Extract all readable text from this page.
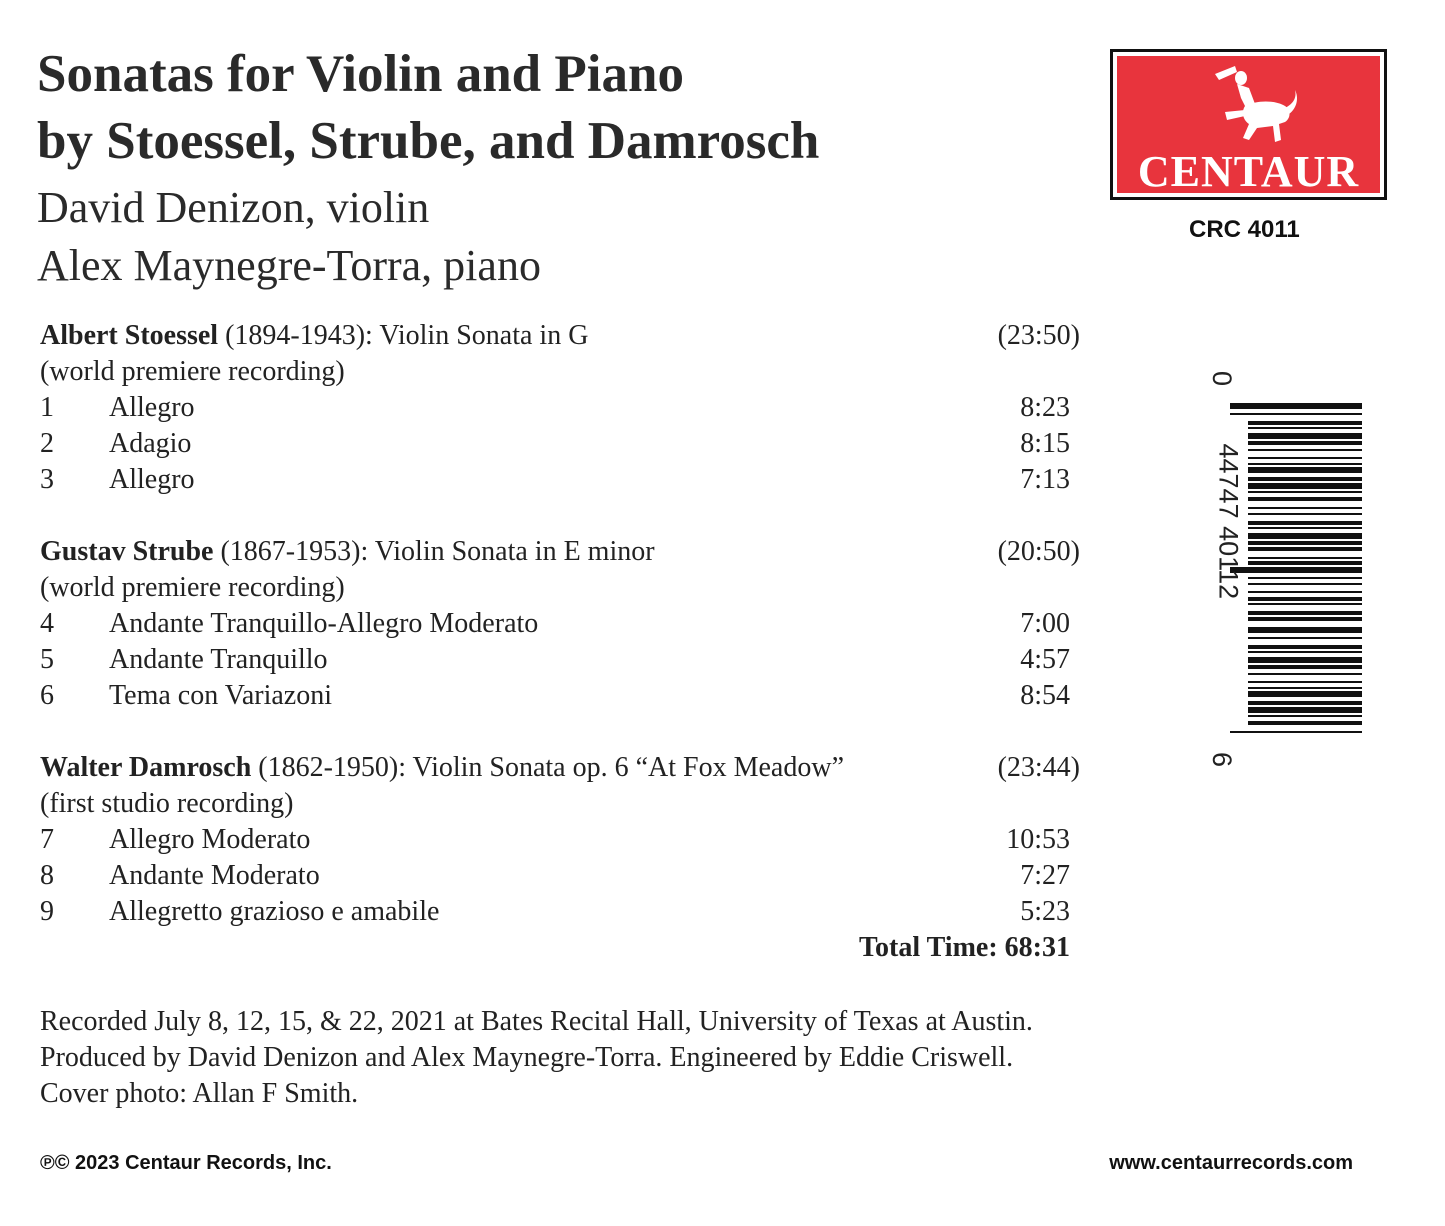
Sonatas for Violin and Piano
by Stoessel, Strube, and Damrosch
David Denizon, violin
Alex Maynegre-Torra, piano
CENTAUR
CRC 4011
0
44747 40112
6
Albert Stoessel (1894-1943): Violin Sonata in G	(23:50)
(world premiere recording)
1 Allegro	8:23
2 Adagio	8:15
3 Allegro	7:13
Gustav Strube (1867-1953): Violin Sonata in E minor	(20:50)
(world premiere recording)
4 Andante Tranquillo-Allegro Moderato	7:00
5 Andante Tranquillo	4:57
6 Tema con Variazoni	8:54
Walter Damrosch (1862-1950): Violin Sonata op. 6 “At Fox Meadow”	(23:44)
(first studio recording)
7 Allegro Moderato	10:53
8 Andante Moderato	7:27
9 Allegretto grazioso e amabile	5:23
Total Time: 68:31
Recorded July 8, 12, 15, & 22, 2021 at Bates Recital Hall, University of Texas at Austin.
Produced by David Denizon and Alex Maynegre-Torra. Engineered by Eddie Criswell.
Cover photo: Allan F Smith.
℗© 2023 Centaur Records, Inc.	www.centaurrecords.com
